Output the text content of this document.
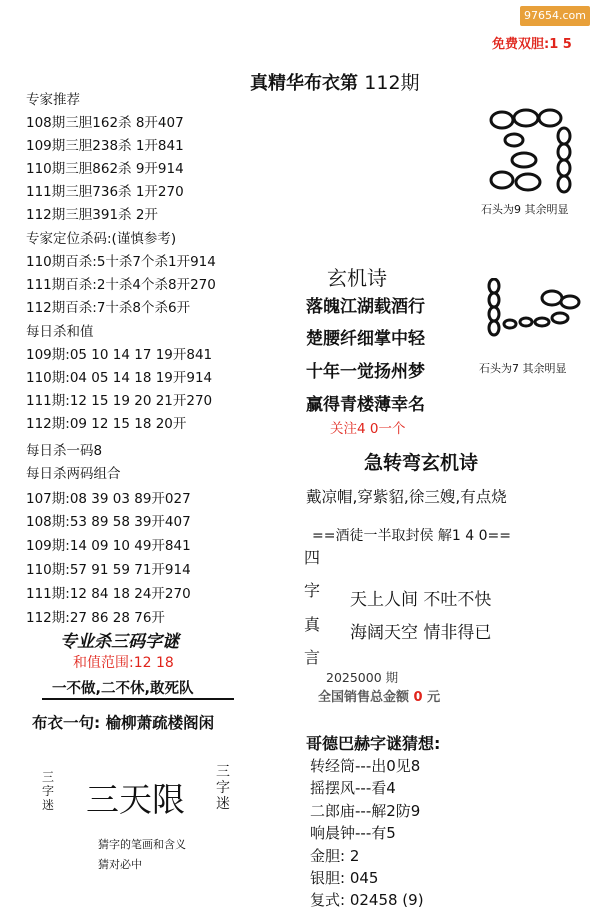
97654.com
免费双胆:1 5
真精华布衣第 112期
专家推荐
108期三胆162杀 8开407
109期三胆238杀 1开841
110期三胆862杀 9开914
111期三胆736杀 1开270
112期三胆391杀 2开
专家定位杀码:(谨慎参考)
110期百杀:5十杀7个杀1开914
111期百杀:2十杀4个杀8开270
112期百杀:7十杀8个杀6开
每日杀和值
109期:05 10 14 17 19开841
110期:04 05 14 18 19开914
111期:12 15 19 20 21开270
112期:09 12 15 18 20开
每日杀一码8
每日杀两码组合
107期:08 39 03 89开027
108期:53 89 58 39开407
109期:14 09 10 49开841
110期:57 91 59 71开914
111期:12 84 18 24开270
112期:27 86 28 76开
专业杀三码字谜
和值范围:12 18
一不做,二不休,敢死队
布衣一句: 榆柳萧疏楼阁闲
三字迷 三天限
三字迷
猜字的笔画和含义
猜对必中
石头为9 其余明显
石头为7 其余明显
玄机诗
落魄江湖载酒行
楚腰纤细掌中轻
十年一觉扬州梦
赢得青楼薄幸名
关注4 0一个
急转弯玄机诗
戴凉帽,穿紫貂,徐三嫂,有点烧
==酒徒一半取封侯 解1 4 0==
四
字
真
言
天上人间 不吐不快
海阔天空 情非得已
2025000 期
全国销售总金额 0 元
哥德巴赫字谜猜想:
转经筒---出0见8
摇摆风---看4
二郎庙---解2防9
响晨钟---有5
金胆: 2
银胆: 045
复式: 02458 (9)
